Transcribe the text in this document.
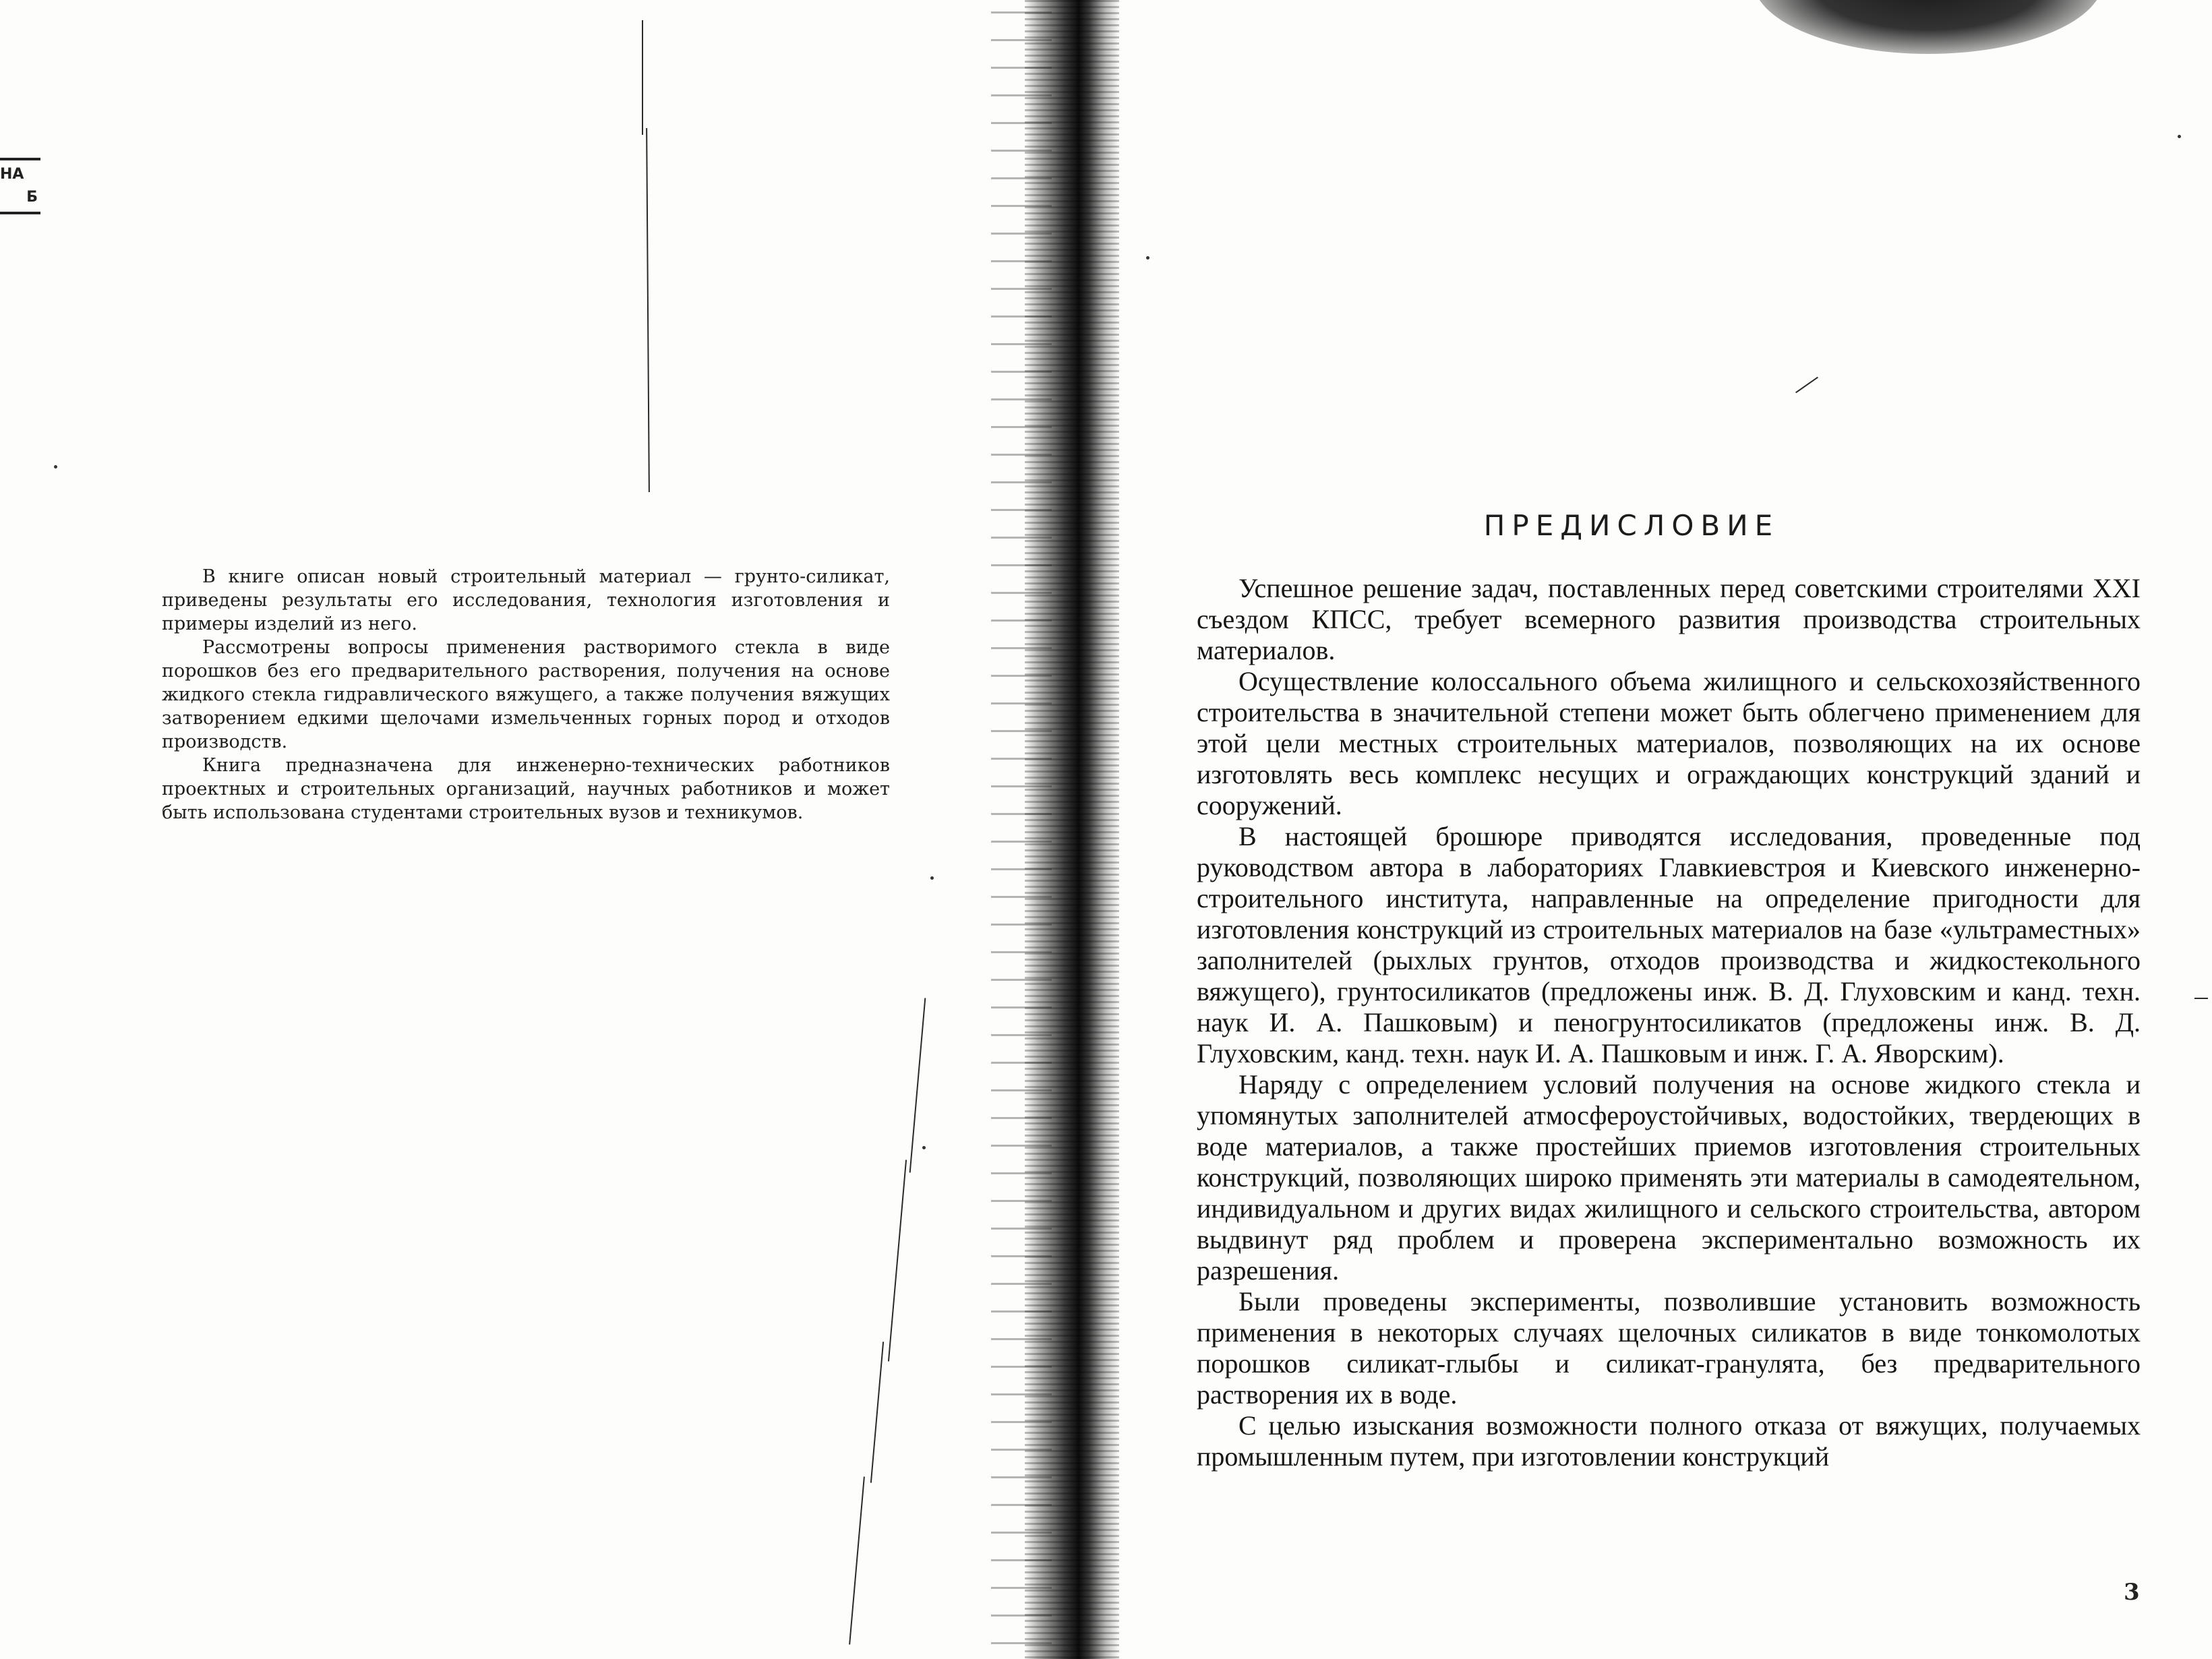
НА
Б

В книге описан новый строительный материал — грунто-силикат, приведены результаты его исследования, технология изготовления и примеры изделий из него.

Рассмотрены вопросы применения растворимого стекла в виде порошков без его предварительного растворения, получения на основе жидкого стекла гидравлического вяжущего, а также получения вяжущих затворением едкими щелочами измельченных горных пород и отходов производств.

Книга предназначена для инженерно-технических работников проектных и строительных организаций, научных работников и может быть использована студентами строительных вузов и техникумов.

ПРЕДИСЛОВИЕ

Успешное решение задач, поставленных перед советскими строителями XXI съездом КПСС, требует всемерного развития производства строительных материалов.

Осуществление колоссального объема жилищного и сельскохозяйственного строительства в значительной степени может быть облегчено применением для этой цели местных строительных материалов, позволяющих на их основе изготовлять весь комплекс несущих и ограждающих конструкций зданий и сооружений.

В настоящей брошюре приводятся исследования, проведенные под руководством автора в лабораториях Главкиевстроя и Киевского инженерно-строительного института, направленные на определение пригодности для изготовления конструкций из строительных материалов на базе «ультраместных» заполнителей (рыхлых грунтов, отходов производства и жидкостекольного вяжущего), грунтосиликатов (предложены инж. В. Д. Глуховским и канд. техн. наук И. А. Пашковым) и пеногрунтосиликатов (предложены инж. В. Д. Глуховским, канд. техн. наук И. А. Пашковым и инж. Г. А. Яворским).

Наряду с определением условий получения на основе жидкого стекла и упомянутых заполнителей атмосфероустойчивых, водостойких, твердеющих в воде материалов, а также простейших приемов изготовления строительных конструкций, позволяющих широко применять эти материалы в самодеятельном, индивидуальном и других видах жилищного и сельского строительства, автором выдвинут ряд проблем и проверена экспериментально возможность их разрешения.

Были проведены эксперименты, позволившие установить возможность применения в некоторых случаях щелочных силикатов в виде тонкомолотых порошков силикат-глыбы и силикат-гранулята, без предварительного растворения их в воде.

С целью изыскания возможности полного отказа от вяжущих, получаемых промышленным путем, при изготовлении конструкций

3
